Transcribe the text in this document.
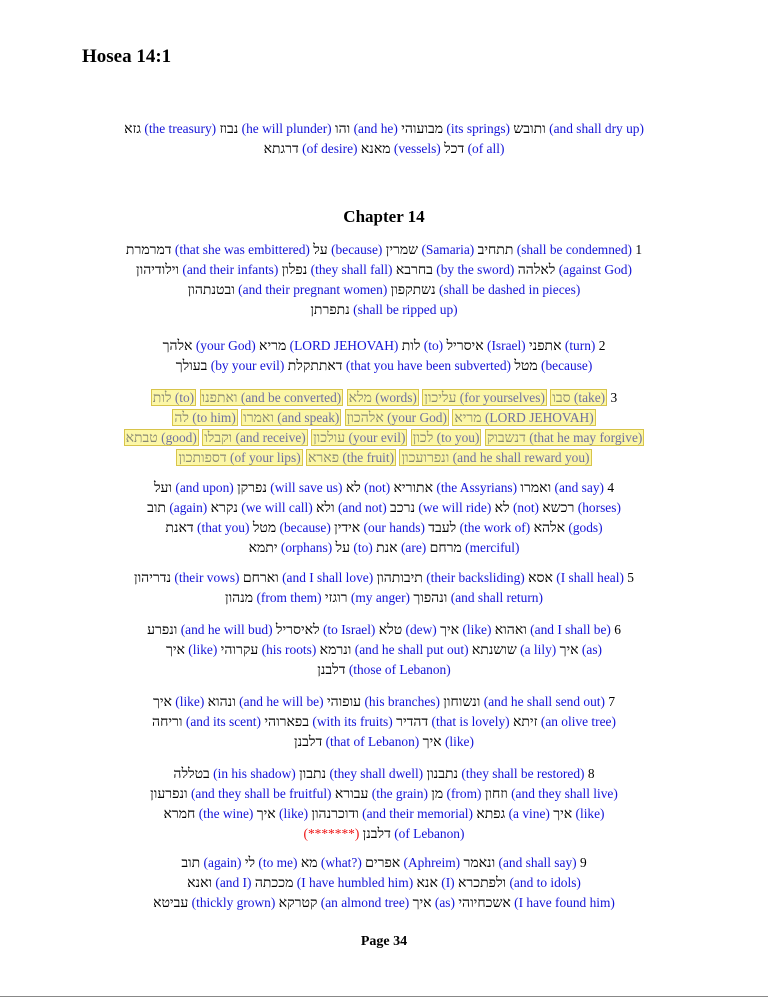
Hosea 14:1
ותובש (and shall dry up) מבועוהי (its springs) והו (and he) נבוז (he will plunder) גזא (the treasury)
דכל (of all) מאנא (vessels) דרגתא (of desire)
Chapter 14
1 תתחיב (shall be condemned) שמרין (Samaria) על (because) דמרמרת (that she was embittered)
לאלהה (against God) בחרבא (by the sword) נפלון (they shall fall) וילודיהון (and their infants)
נשתקפון (shall be dashed in pieces) ובטנתהון (and their pregnant women)
נתפרתן (shall be ripped up)
2 אתפני (turn) איסריל (Israel) לות (to) מריא (LORD JEHOVAH) אלהך (your God)
מטל (because) דאתתקלת (that you have been subverted) בעולך (by your evil)
3 סבו (take) עליכון (for yourselves) מלא (words) ואתפנו (and be converted) לות (to)
מריא (LORD JEHOVAH) אלהכון (your God) ואמרו (and speak) לה (to him)
דנשבוק (that he may forgive) לכון (to you) עולכון (your evil) וקבלו (and receive) טבתא (good)
ונפרועכון (and he shall reward you) פארא (the fruit) דספותכון (of your lips)
4 ואמרו (and say) אתוריא (the Assyrians) לא (not) נפרקן (will save us) ועל (and upon)
רכשא (horses) לא (not) נרכב (we will ride) ולא (and not) נקרא (we will call) תוב (again)
אלהא (gods) לעבד (the work of) אידין (our hands) מטל (because) דאנת (that you)
מרחם (merciful) אנת (are) על (to) יתמא (orphans)
5 אסא (I shall heal) תיבותהון (their backsliding) וארחם (and I shall love) נדריהון (their vows)
ונהפוך (and shall return) רוגזי (my anger) מנהון (from them)
6 ואהוא (and I shall be) איך (like) טלא (dew) לאיסריל (to Israel) ונפרע (and he will bud)
איך (as) שושנתא (a lily) ונרמא (and he shall put out) עקרוהי (his roots) איך (like)
דלבנן (those of Lebanon)
7 ונשוחון (and he shall send out) עופוהי (his branches) ונהוא (and he will be) איך (like)
זיתא (an olive tree) דהדיר (that is lovely) בפארוהי (with its fruits) וריחה (and its scent)
איך (like) דלבנן (that of Lebanon)
8 נתבנון (they shall be restored) נתבון (they shall dwell) בטללה (in his shadow)
וזחון (and they shall live) מן (from) עבורא (the grain) ונפרעון (and they shall be fruitful)
איך (like) גפתא (a vine) ודוכרנהון (and their memorial) איך (like) חמרא (the wine)
דלבנן (of Lebanon) (*******)
9 ונאמר (and shall say) אפרים (Aphreim) מא (what?) לי (to me) תוב (again)
ולפתכרא (and to idols) אנא (I) מככתה (I have humbled him) ואנא (and I)
אשכחיוהי (I have found him) איך (as) קטרקא (an almond tree) עביטא (thickly grown)
Page 34
